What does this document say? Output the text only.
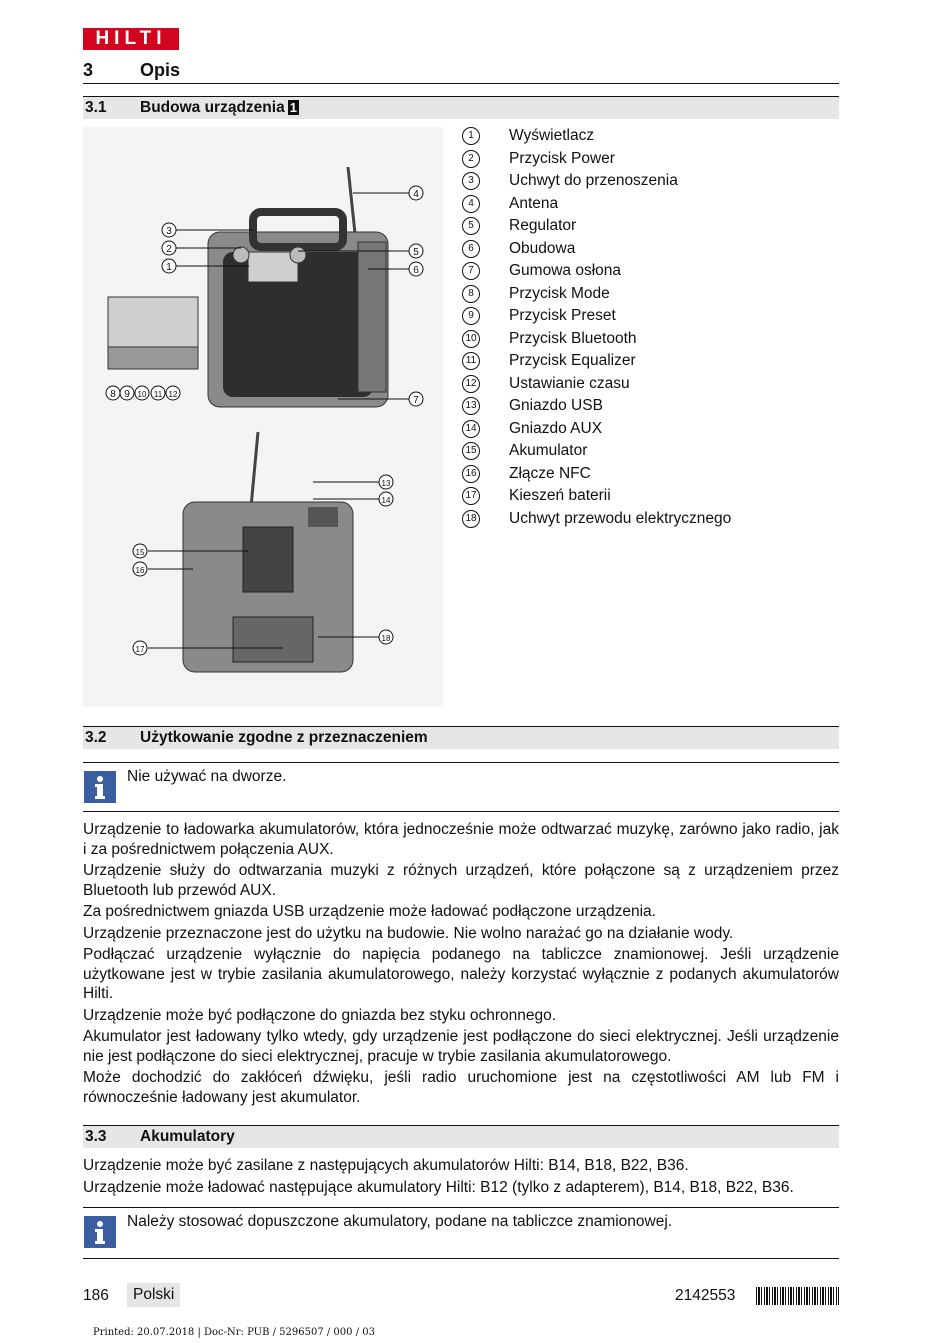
HILTI
3	Opis
3.1 Budowa urządzenia 1
3
2
1
4
5
6
7
8 9 10 11 12
13
14
15
16
17
18
1	Wyświetlacz
2	Przycisk Power
3	Uchwyt do przenoszenia
4	Antena
5	Regulator
6	Obudowa
7	Gumowa osłona
8	Przycisk Mode
9	Przycisk Preset
10 Przycisk Bluetooth
11 Przycisk Equalizer
12 Ustawianie czasu
13 Gniazdo USB
14 Gniazdo AUX
15 Akumulator
16 Złącze NFC
17 Kieszeń baterii
18 Uchwyt przewodu elektrycznego
3.2 Użytkowanie zgodne z przeznaczeniem
Nie używać na dworze.

Urządzenie to ładowarka akumulatorów, która jednocześnie może odtwarzać muzykę, zarówno jako radio, jak i za pośrednictwem połączenia AUX.

Urządzenie służy do odtwarzania muzyki z różnych urządzeń, które połączone są z urządzeniem przez Bluetooth lub przewód AUX.

Za pośrednictwem gniazda USB urządzenie może ładować podłączone urządzenia.

Urządzenie przeznaczone jest do użytku na budowie. Nie wolno narażać go na działanie wody.

Podłączać urządzenie wyłącznie do napięcia podanego na tabliczce znamionowej. Jeśli urządzenie użytkowane jest w trybie zasilania akumulatorowego, należy korzystać wyłącznie z podanych akumulatorów Hilti.

Urządzenie może być podłączone do gniazda bez styku ochronnego.

Akumulator jest ładowany tylko wtedy, gdy urządzenie jest podłączone do sieci elektrycznej. Jeśli urządzenie nie jest podłączone do sieci elektrycznej, pracuje w trybie zasilania akumulatorowego.

Może dochodzić do zakłóceń dźwięku, jeśli radio uruchomione jest na częstotliwości AM lub FM i równocześnie ładowany jest akumulator.

3.3 Akumulatory

Urządzenie może być zasilane z następujących akumulatorów Hilti: B14, B18, B22, B36.

Urządzenie może ładować następujące akumulatory Hilti: B12 (tylko z adapterem), B14, B18, B22, B36.

Należy stosować dopuszczone akumulatory, podane na tabliczce znamionowej.
186	Polski	2142553
Printed: 20.07.2018 | Doc-Nr: PUB / 5296507 / 000 / 03
